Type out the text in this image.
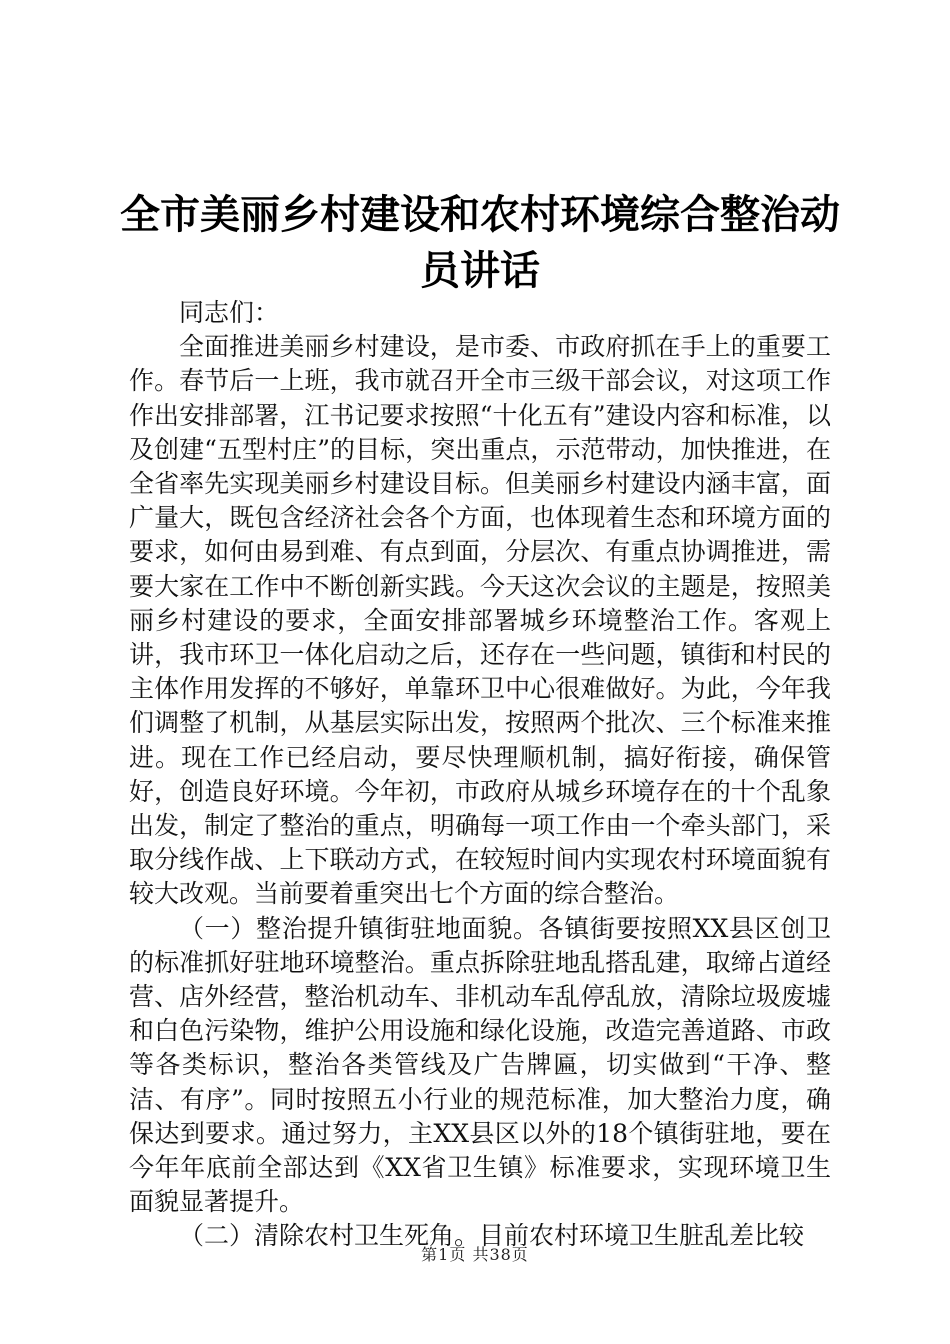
全市美丽乡村建设和农村环境综合整治动员讲话

同志们：

全面推进美丽乡村建设，是市委、市政府抓在手上的重要工作。春节后一上班，我市就召开全市三级干部会议，对这项工作作出安排部署，江书记要求按照“十化五有”建设内容和标准，以及创建“五型村庄”的目标，突出重点，示范带动，加快推进，在全省率先实现美丽乡村建设目标。但美丽乡村建设内涵丰富，面广量大，既包含经济社会各个方面，也体现着生态和环境方面的要求，如何由易到难、有点到面，分层次、有重点协调推进，需要大家在工作中不断创新实践。今天这次会议的主题是，按照美丽乡村建设的要求，全面安排部署城乡环境整治工作。客观上讲，我市环卫一体化启动之后，还存在一些问题，镇街和村民的主体作用发挥的不够好，单靠环卫中心很难做好。为此，今年我们调整了机制，从基层实际出发，按照两个批次、三个标准来推进。现在工作已经启动，要尽快理顺机制，搞好衔接，确保管好，创造良好环境。今年初，市政府从城乡环境存在的十个乱象出发，制定了整治的重点，明确每一项工作由一个牵头部门，采取分线作战、上下联动方式，在较短时间内实现农村环境面貌有较大改观。当前要着重突出七个方面的综合整治。

（一）整治提升镇街驻地面貌。各镇街要按照XX县区创卫的标准抓好驻地环境整治。重点拆除驻地乱搭乱建，取缔占道经营、店外经营，整治机动车、非机动车乱停乱放，清除垃圾废墟和白色污染物，维护公用设施和绿化设施，改造完善道路、市政等各类标识，整治各类管线及广告牌匾，切实做到“干净、整洁、有序”。同时按照五小行业的规范标准，加大整治力度，确保达到要求。通过努力，主XX县区以外的18个镇街驻地，要在今年年底前全部达到《XX省卫生镇》标准要求，实现环境卫生面貌显著提升。

（二）清除农村卫生死角。目前农村环境卫生脏乱差比较

第1页 共38页
